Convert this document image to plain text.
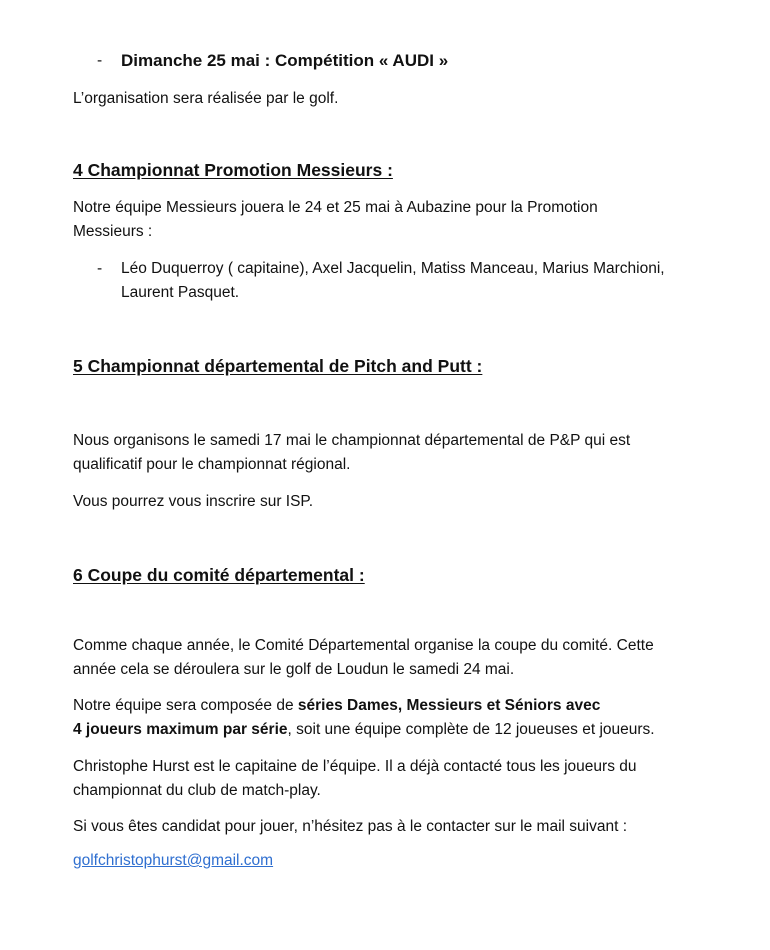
-	Dimanche 25 mai : Compétition « AUDI »

L’organisation sera réalisée par le golf.

4 Championnat Promotion Messieurs :

Notre équipe Messieurs jouera le 24 et 25 mai à Aubazine pour la Promotion

Messieurs :

-	Léo Duquerroy ( capitaine), Axel Jacquelin, Matiss Manceau, Marius Marchioni,
Laurent Pasquet.
5 Championnat départemental de Pitch and Putt :

Nous organisons le samedi 17 mai le championnat départemental de P&P qui est

qualificatif pour le championnat régional.

Vous pourrez vous inscrire sur ISP.

6 Coupe du comité départemental :

Comme chaque année, le Comité Départemental organise la coupe du comité. Cette

année cela se déroulera sur le golf de Loudun le samedi 24 mai.

Notre équipe sera composée de séries Dames, Messieurs et Séniors avec

4 joueurs maximum par série, soit une équipe complète de 12 joueuses et joueurs.

Christophe Hurst est le capitaine de l’équipe. Il a déjà contacté tous les joueurs du

championnat du club de match-play.

Si vous êtes candidat pour jouer, n’hésitez pas à le contacter sur le mail suivant :

golfchristophurst@gmail.com
